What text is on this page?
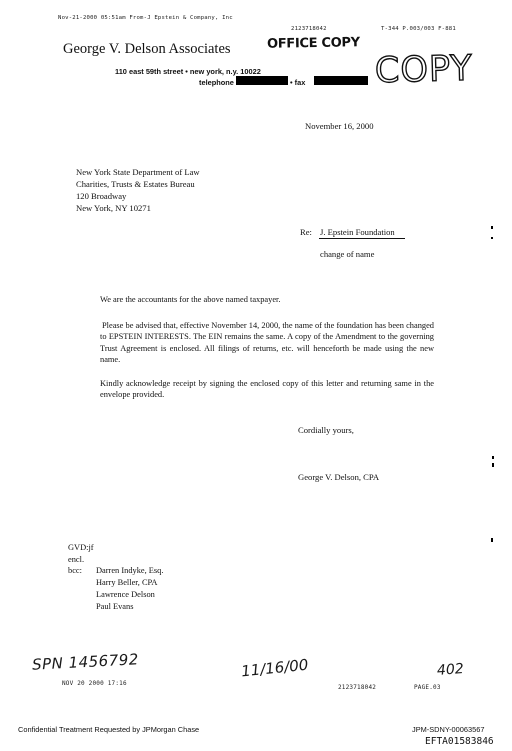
Nov-21-2000 05:51am From-J Epstein & Company, Inc
2123718042	T-344 P.003/003 F-881
George V. Delson Associates
110 east 59th street • new york, n.y. 10022
telephone	• fax
OFFICE COPY
COPY
November 16, 2000
New York State Department of Law
Charities, Trusts & Estates Bureau
120 Broadway
New York, NY 10271
Re: J. Epstein Foundation
change of name
We are the accountants for the above named taxpayer.
Please be advised that, effective November 14, 2000, the name of the foundation has been changed to EPSTEIN INTERESTS. The EIN remains the same. A copy of the Amendment to the governing Trust Agreement is enclosed. All filings of returns, etc. will henceforth be made using the new name.
Kindly acknowledge receipt by signing the enclosed copy of this letter and returning same in the envelope provided.
Cordially yours,
George V. Delson, CPA
GVD:jf
encl.
bcc: Darren Indyke, Esq.
Harry Beller, CPA
Lawrence Delson
Paul Evans
SPN 1456792
NOV 20 2000 17:16
11/16/00	402
2123718042	PAGE.03
Confidential Treatment Requested by JPMorgan Chase	JPM-SDNY-00063567
EFTA01583846
